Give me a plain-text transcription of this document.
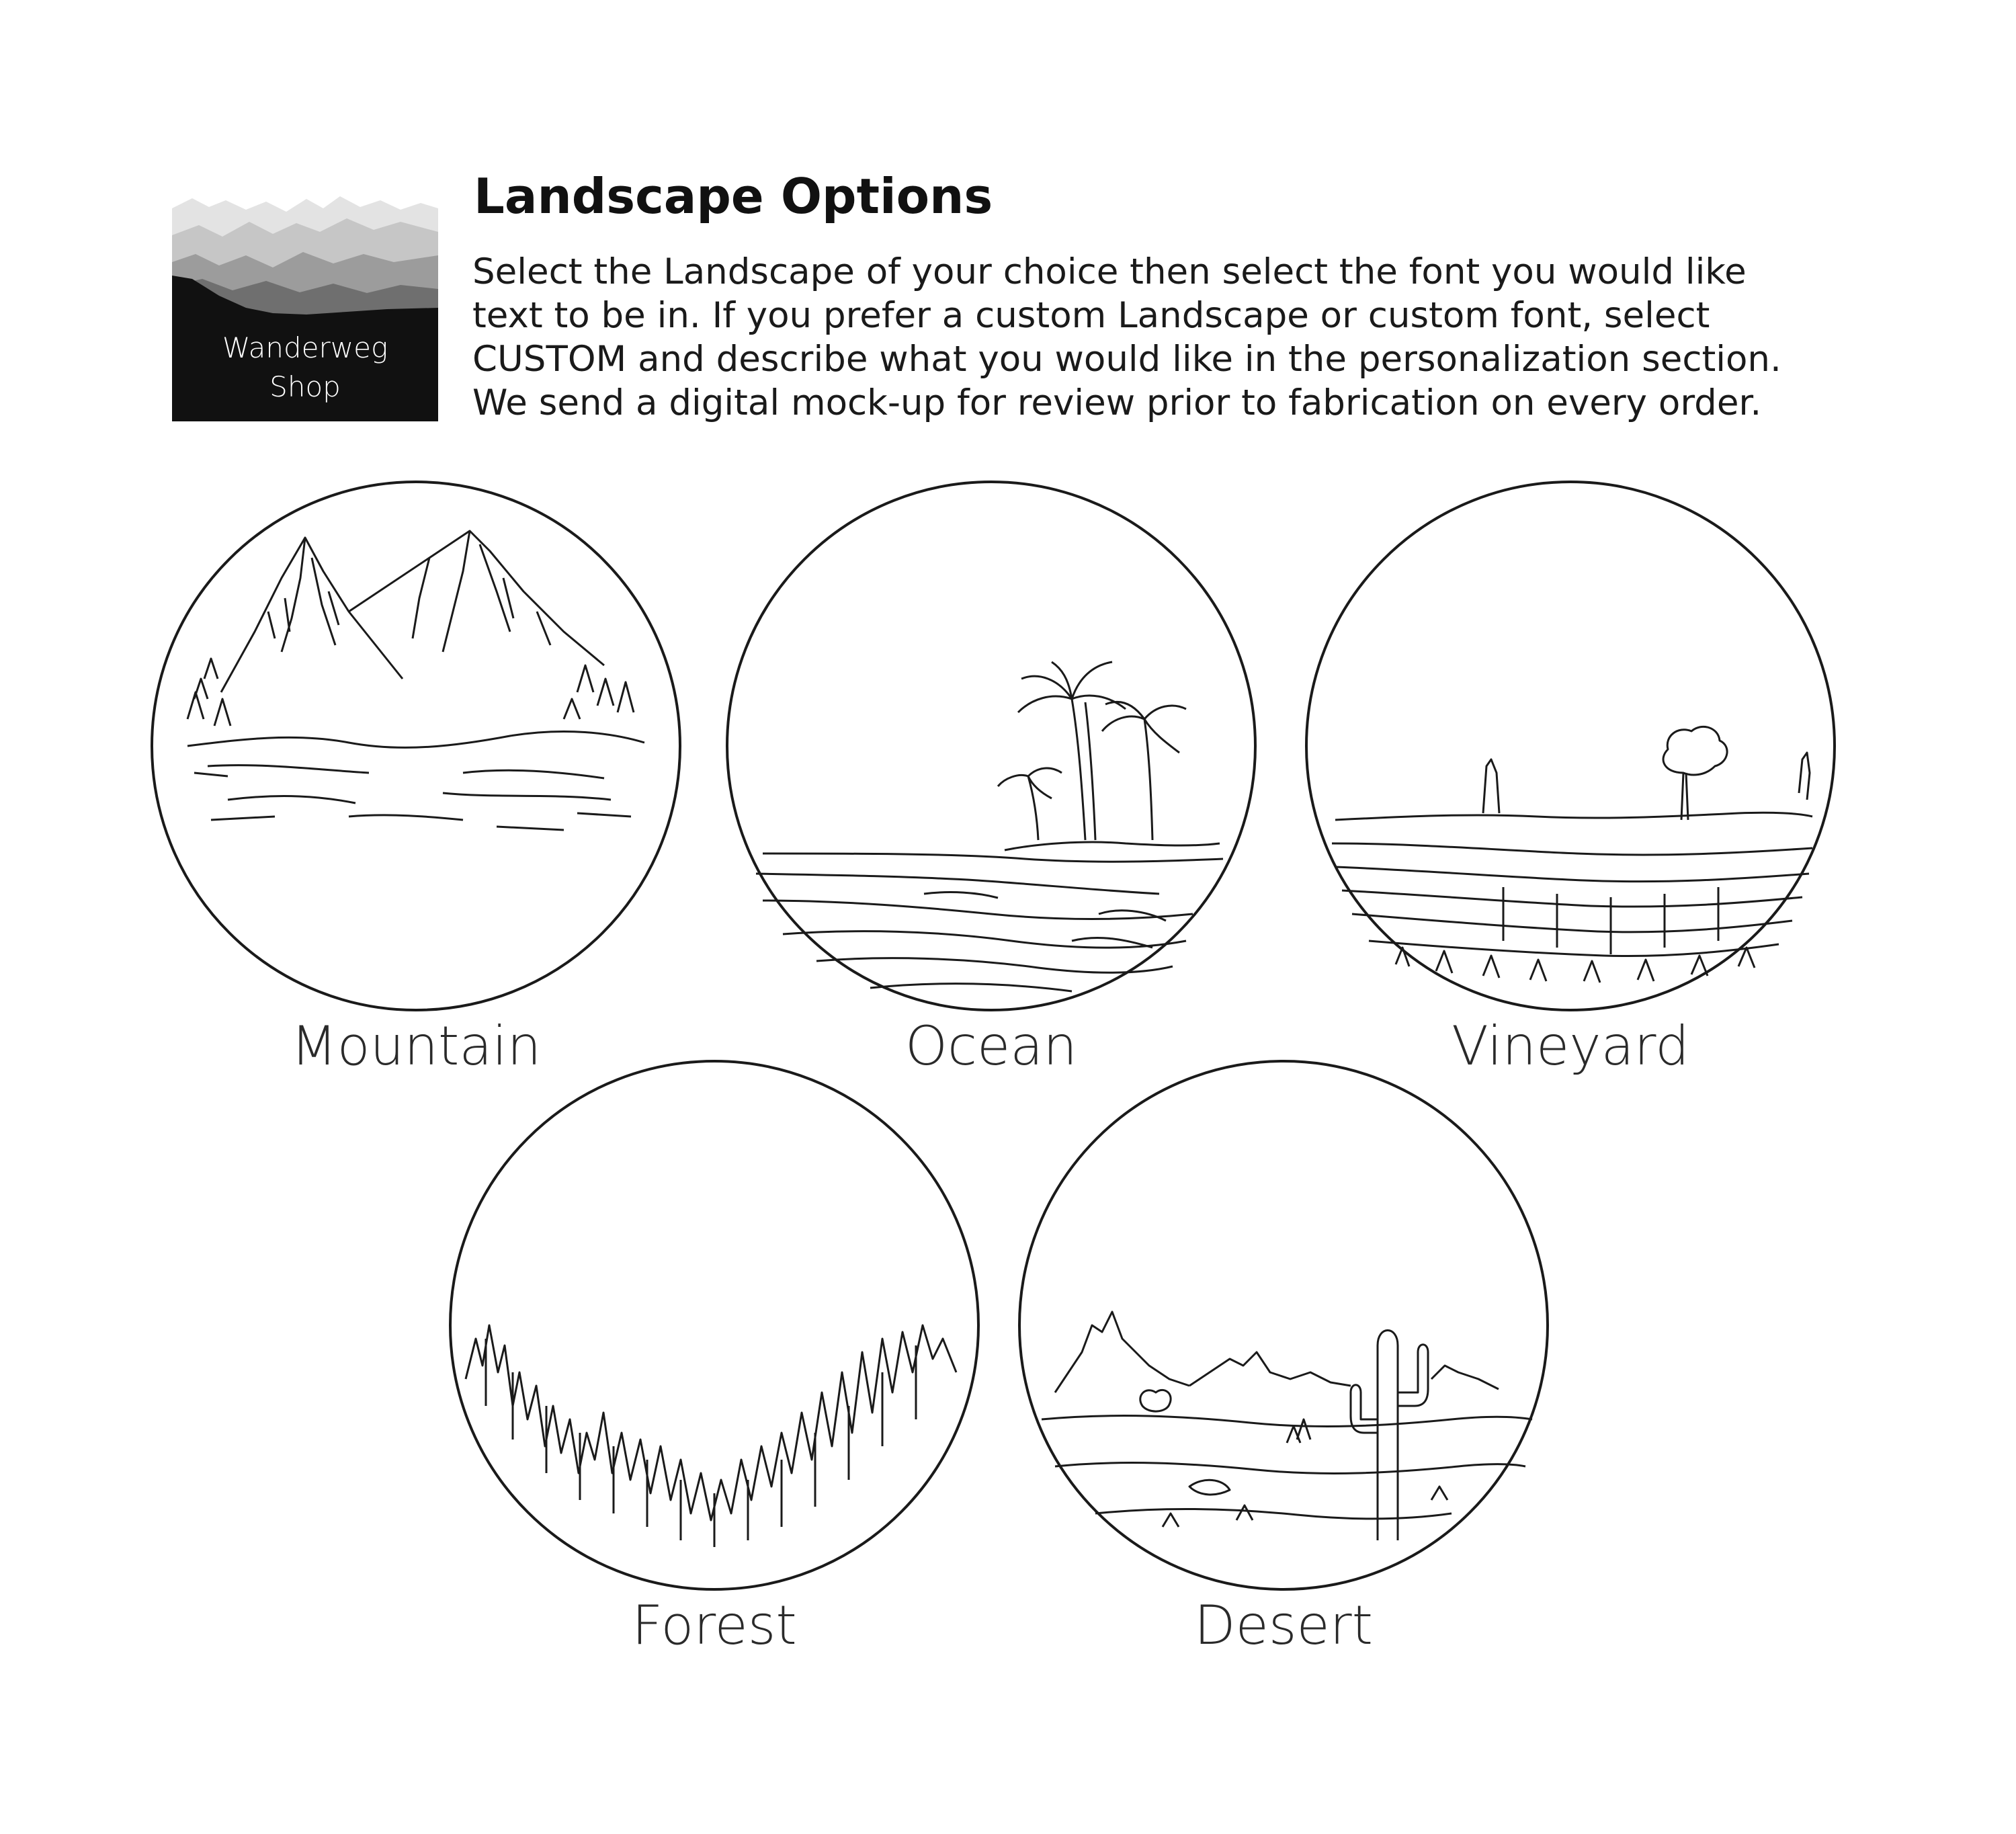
Wanderweg
Shop
Landscape Options
Select the Landscape of your choice then select the font you would like
text to be in. If you prefer a custom Landscape or custom font, select
CUSTOM and describe what you would like in the personalization section.
We send a digital mock-up for review prior to fabrication on every order.
Mountain	Ocean	Vineyard
Forest	Desert
